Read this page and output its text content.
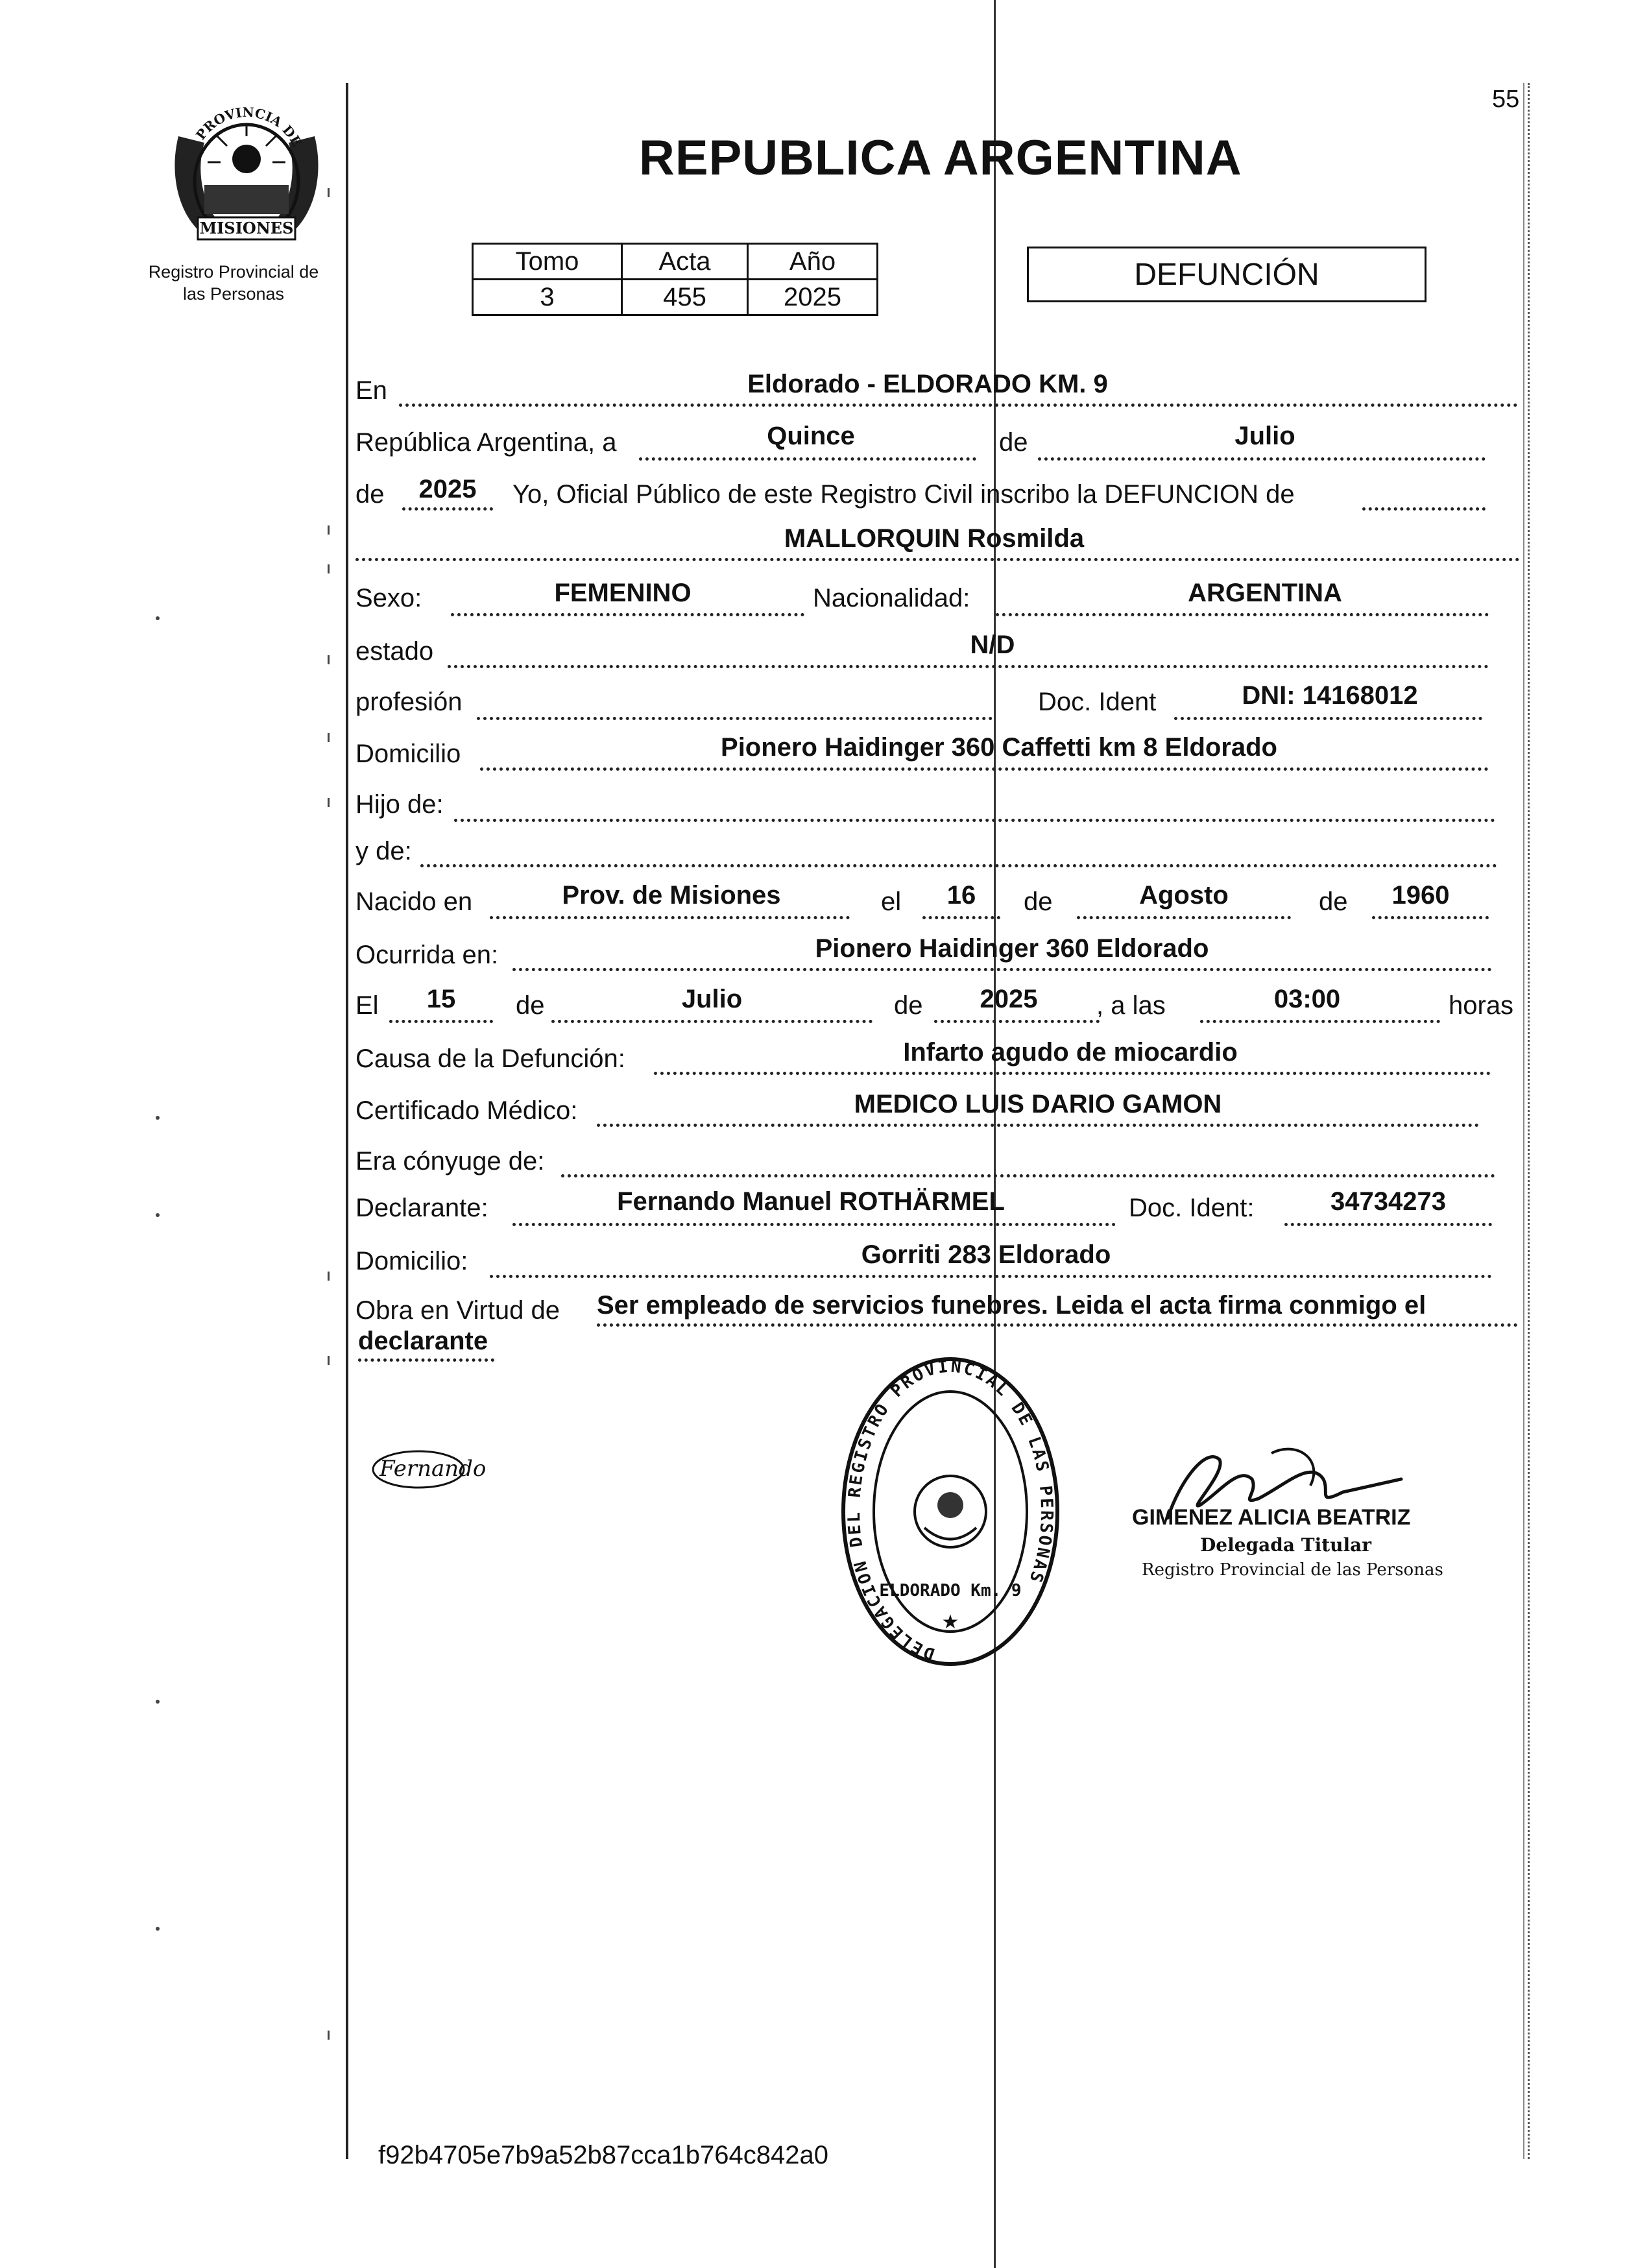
55
REPUBLICA ARGENTINA
PROVINCIA DE
MISIONES
Registro Provincial de
las Personas
Tomo	Acta	Año
3	455	2025
DEFUNCIÓN
En	Eldorado - ELDORADO KM. 9
República Argentina, a	Quince	de	Julio
de	2025	Yo, Oficial Público de este Registro Civil inscribo la DEFUNCION de
MALLORQUIN Rosmilda
Sexo:	FEMENINO	Nacionalidad:	ARGENTINA
estado	N/D
profesión	Doc. Ident	DNI: 14168012
Domicilio	Pionero Haidinger 360 Caffetti km 8 Eldorado
Hijo de:
y de:
Nacido en	Prov. de Misiones	el	16	de	Agosto	de	1960
Ocurrida en:	Pionero Haidinger 360 Eldorado
El	15	de	Julio	de	2025	, a las	03:00	horas
Causa de la Defunción:	Infarto agudo de miocardio
Certificado Médico:	MEDICO LUIS DARIO GAMON
Era cónyuge de:
Declarante:	Fernando Manuel ROTHÄRMEL	Doc. Ident:	34734273
Domicilio:	Gorriti 283 Eldorado
Obra en Virtud de Ser empleado de servicios funebres. Leida el acta firma conmigo el
declarante
DELEGACION DEL REGISTRO PROVINCIAL DE LAS PERSONAS
ELDORADO Km. 9
★
Fernando
GIMENEZ ALICIA BEATRIZ
Delegada Titular
Registro Provincial de las Personas
f92b4705e7b9a52b87cca1b764c842a0
